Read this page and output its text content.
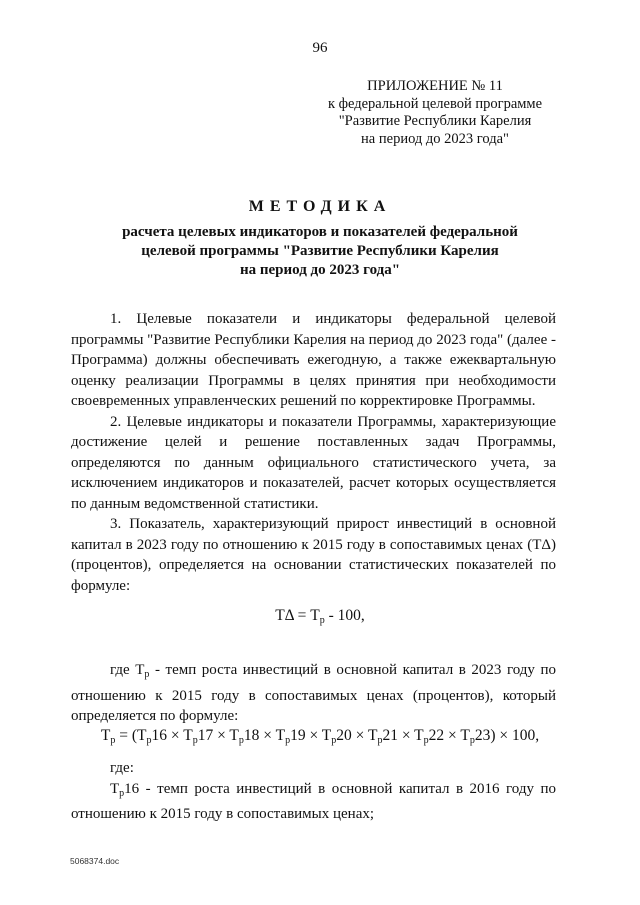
96
ПРИЛОЖЕНИЕ № 11
к федеральной целевой программе
"Развитие Республики Карелия
на период до 2023 года"
МЕТОДИКА
расчета целевых индикаторов и показателей федеральной
целевой программы "Развитие Республики Карелия
на период до 2023 года"

1. Целевые показатели и индикаторы федеральной целевой программы "Развитие Республики Карелия на период до 2023 года" (далее - Программа) должны обеспечивать ежегодную, а также ежеквартальную оценку реализации Программы в целях принятия при необходимости своевременных управленческих решений по корректировке Программы.

2. Целевые индикаторы и показатели Программы, характеризующие достижение целей и решение поставленных задач Программы, определяются по данным официального статистического учета, за исключением индикаторов и показателей, расчет которых осуществляется по данным ведомственной статистики.

3. Показатель, характеризующий прирост инвестиций в основной капитал в 2023 году по отношению к 2015 году в сопоставимых ценах (TΔ) (процентов), определяется на основании статистических показателей по формуле:

$T\Delta = T_p - 100$,

где $T_p$ - темп роста инвестиций в основной капитал в 2023 году по отношению к 2015 году в сопоставимых ценах (процентов), который определяется по формуле:

$T_p = (T_p16 \times T_p17 \times T_p18 \times T_p19 \times T_p20 \times T_p21 \times T_p22 \times T_p23) \times 100$,

где:

$T_p16$ - темп роста инвестиций в основной капитал в 2016 году по отношению к 2015 году в сопоставимых ценах;

5068374.doc
